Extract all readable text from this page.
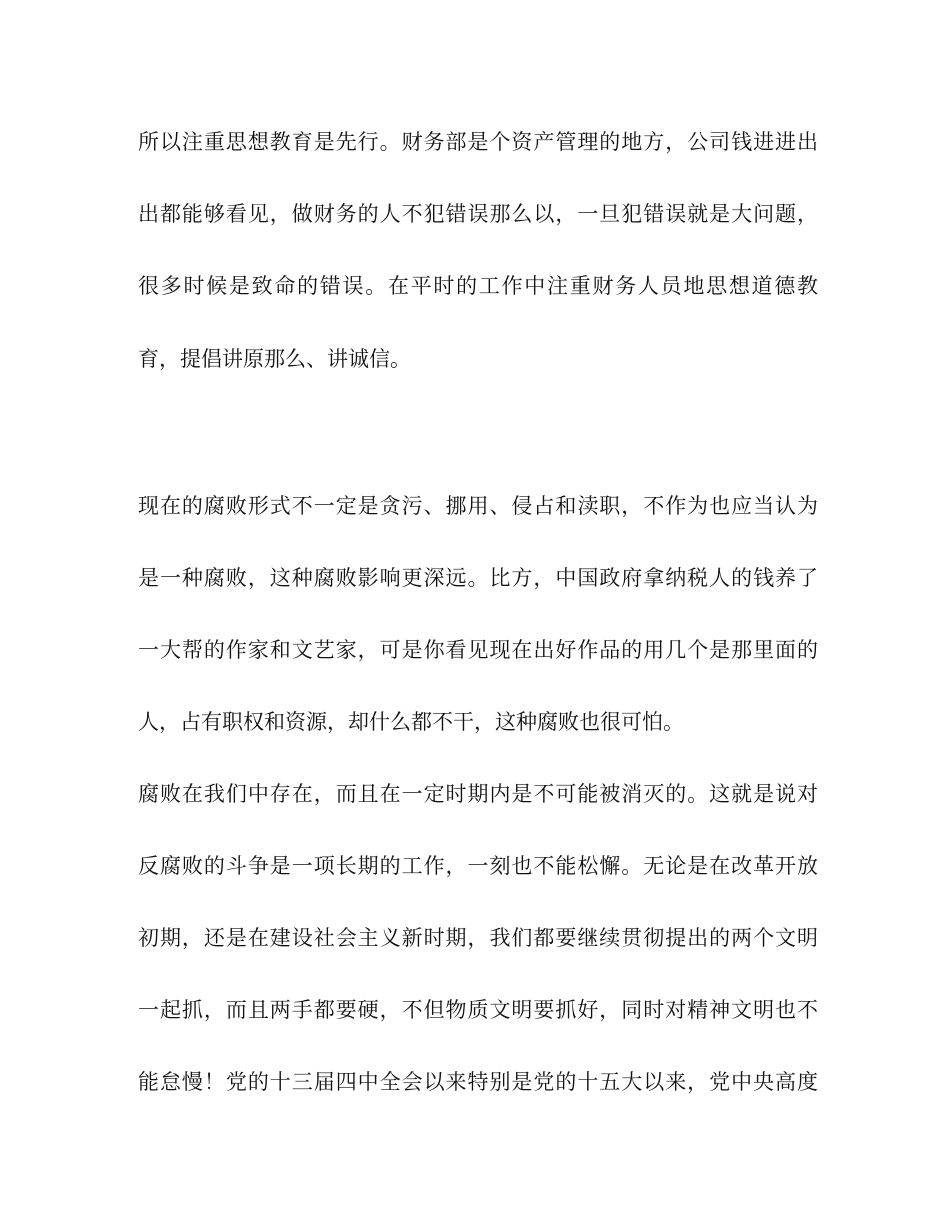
所以注重思想教育是先行。财务部是个资产管理的地方，公司钱进进出
出都能够看见，做财务的人不犯错误那么以，一旦犯错误就是大问题，
很多时候是致命的错误。在平时的工作中注重财务人员地思想道德教
育，提倡讲原那么、讲诚信。
现在的腐败形式不一定是贪污、挪用、侵占和渎职，不作为也应当认为
是一种腐败，这种腐败影响更深远。比方，中国政府拿纳税人的钱养了
一大帮的作家和文艺家，可是你看见现在出好作品的用几个是那里面的
人，占有职权和资源，却什么都不干，这种腐败也很可怕。
腐败在我们中存在，而且在一定时期内是不可能被消灭的。这就是说对
反腐败的斗争是一项长期的工作，一刻也不能松懈。无论是在改革开放
初期，还是在建设社会主义新时期，我们都要继续贯彻提出的两个文明
一起抓，而且两手都要硬，不但物质文明要抓好，同时对精神文明也不
能怠慢！党的十三届四中全会以来特别是党的十五大以来，党中央高度
